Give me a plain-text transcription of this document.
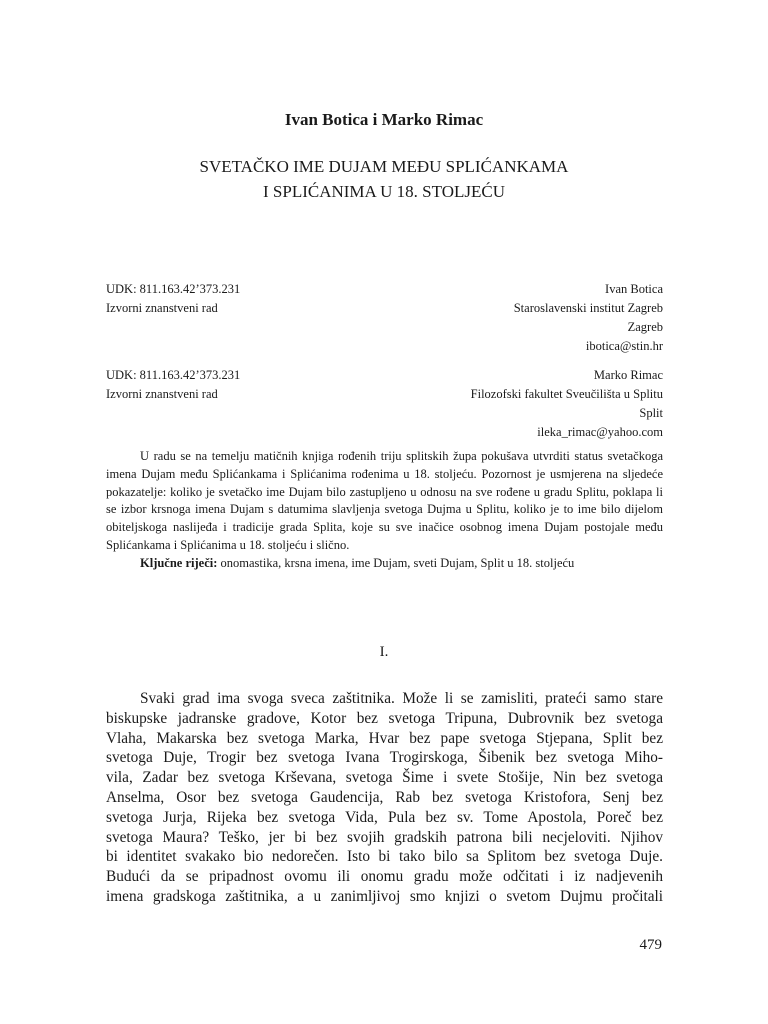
Ivan Botica i Marko Rimac
SVETAČKO IME DUJAM MEĐU SPLIĆANKAMA
I SPLIĆANIMA U 18. STOLJEĆU
UDK: 811.163.42’373.231
Izvorni znanstveni rad
Ivan Botica
Staroslavenski institut Zagreb
Zagreb
ibotica@stin.hr
UDK: 811.163.42’373.231
Izvorni znanstveni rad
Marko Rimac
Filozofski fakultet Sveučilišta u Splitu
Split
ileka_rimac@yahoo.com

U radu se na temelju matičnih knjiga rođenih triju splitskih župa pokušava utvrditi status svetačkoga imena Dujam među Splićankama i Splićanima rođenima u 18. stoljeću. Pozornost je usmjerena na sljedeće pokazatelje: koliko je svetačko ime Dujam bilo zastupljeno u odnosu na sve rođene u gradu Splitu, poklapa li se izbor krsnoga imena Dujam s datumima slavljenja svetoga Dujma u Splitu, koliko je to ime bilo dijelom obiteljskoga naslijeđa i tradicije grada Splita, koje su sve inačice osobnog imena Dujam postojale među Splićankama i Splićanima u 18. stoljeću i slično.

Ključne riječi: onomastika, krsna imena, ime Dujam, sveti Dujam, Split u 18. stoljeću

I.
Svaki grad ima svoga sveca zaštitnika. Može li se zamisliti, prateći samo stare
biskupske jadranske gradove, Kotor bez svetoga Tripuna, Dubrovnik bez svetoga
Vlaha, Makarska bez svetoga Marka, Hvar bez pape svetoga Stjepana, Split bez
svetoga Duje, Trogir bez svetoga Ivana Trogirskoga, Šibenik bez svetoga Miho-
vila, Zadar bez svetoga Krševana, svetoga Šime i svete Stošije, Nin bez svetoga
Anselma, Osor bez svetoga Gaudencija, Rab bez svetoga Kristofora, Senj bez
svetoga Jurja, Rijeka bez svetoga Vida, Pula bez sv. Tome Apostola, Poreč bez
svetoga Maura? Teško, jer bi bez svojih gradskih patrona bili necjeloviti. Njihov
bi identitet svakako bio nedorečen. Isto bi tako bilo sa Splitom bez svetoga Duje.
Budući da se pripadnost ovomu ili onomu gradu može odčitati i iz nadjevenih
imena gradskoga zaštitnika, a u zanimljivoj smo knjizi o svetom Dujmu pročitali
479
